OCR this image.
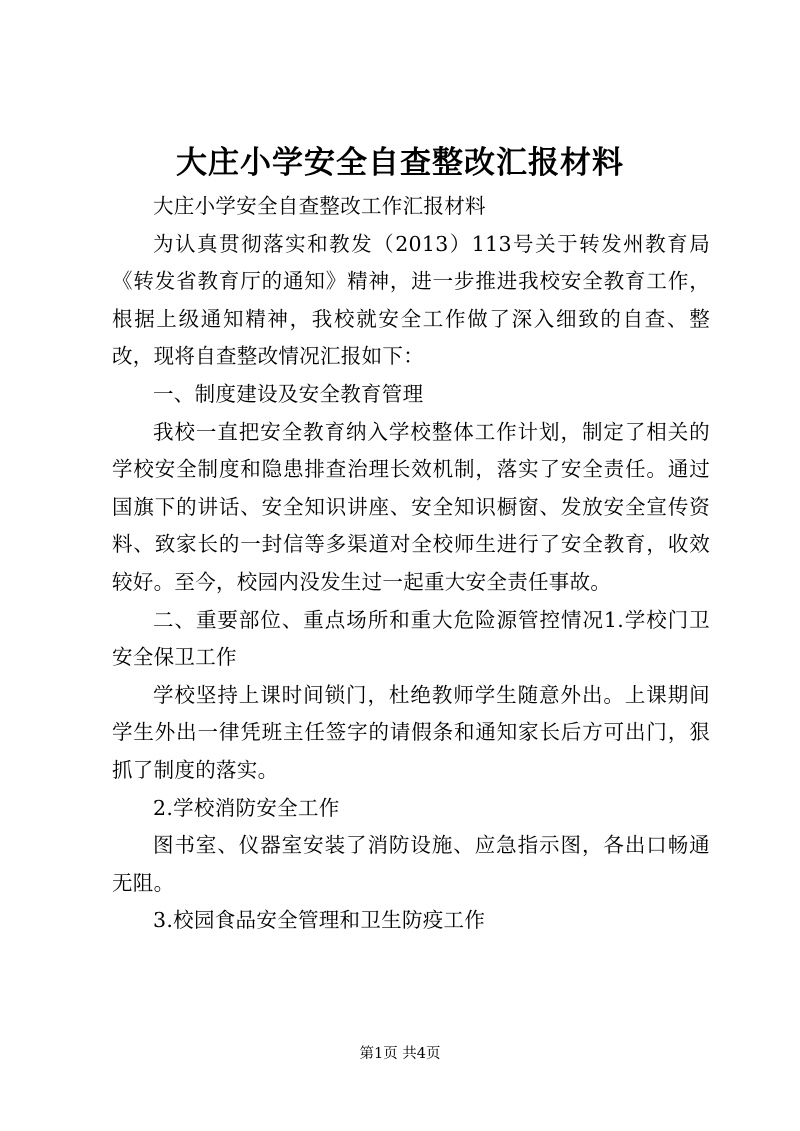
大庄小学安全自查整改汇报材料

大庄小学安全自查整改工作汇报材料

为认真贯彻落实和教发（2013）113号关于转发州教育局《转发省教育厅的通知》精神，进一步推进我校安全教育工作，根据上级通知精神，我校就安全工作做了深入细致的自查、整改，现将自查整改情况汇报如下：

一、制度建设及安全教育管理

我校一直把安全教育纳入学校整体工作计划，制定了相关的学校安全制度和隐患排查治理长效机制，落实了安全责任。通过国旗下的讲话、安全知识讲座、安全知识橱窗、发放安全宣传资料、致家长的一封信等多渠道对全校师生进行了安全教育，收效较好。至今，校园内没发生过一起重大安全责任事故。

二、重要部位、重点场所和重大危险源管控情况1.学校门卫安全保卫工作

学校坚持上课时间锁门，杜绝教师学生随意外出。上课期间学生外出一律凭班主任签字的请假条和通知家长后方可出门，狠抓了制度的落实。

2.学校消防安全工作

图书室、仪器室安装了消防设施、应急指示图，各出口畅通无阻。

3.校园食品安全管理和卫生防疫工作

第1页 共4页
